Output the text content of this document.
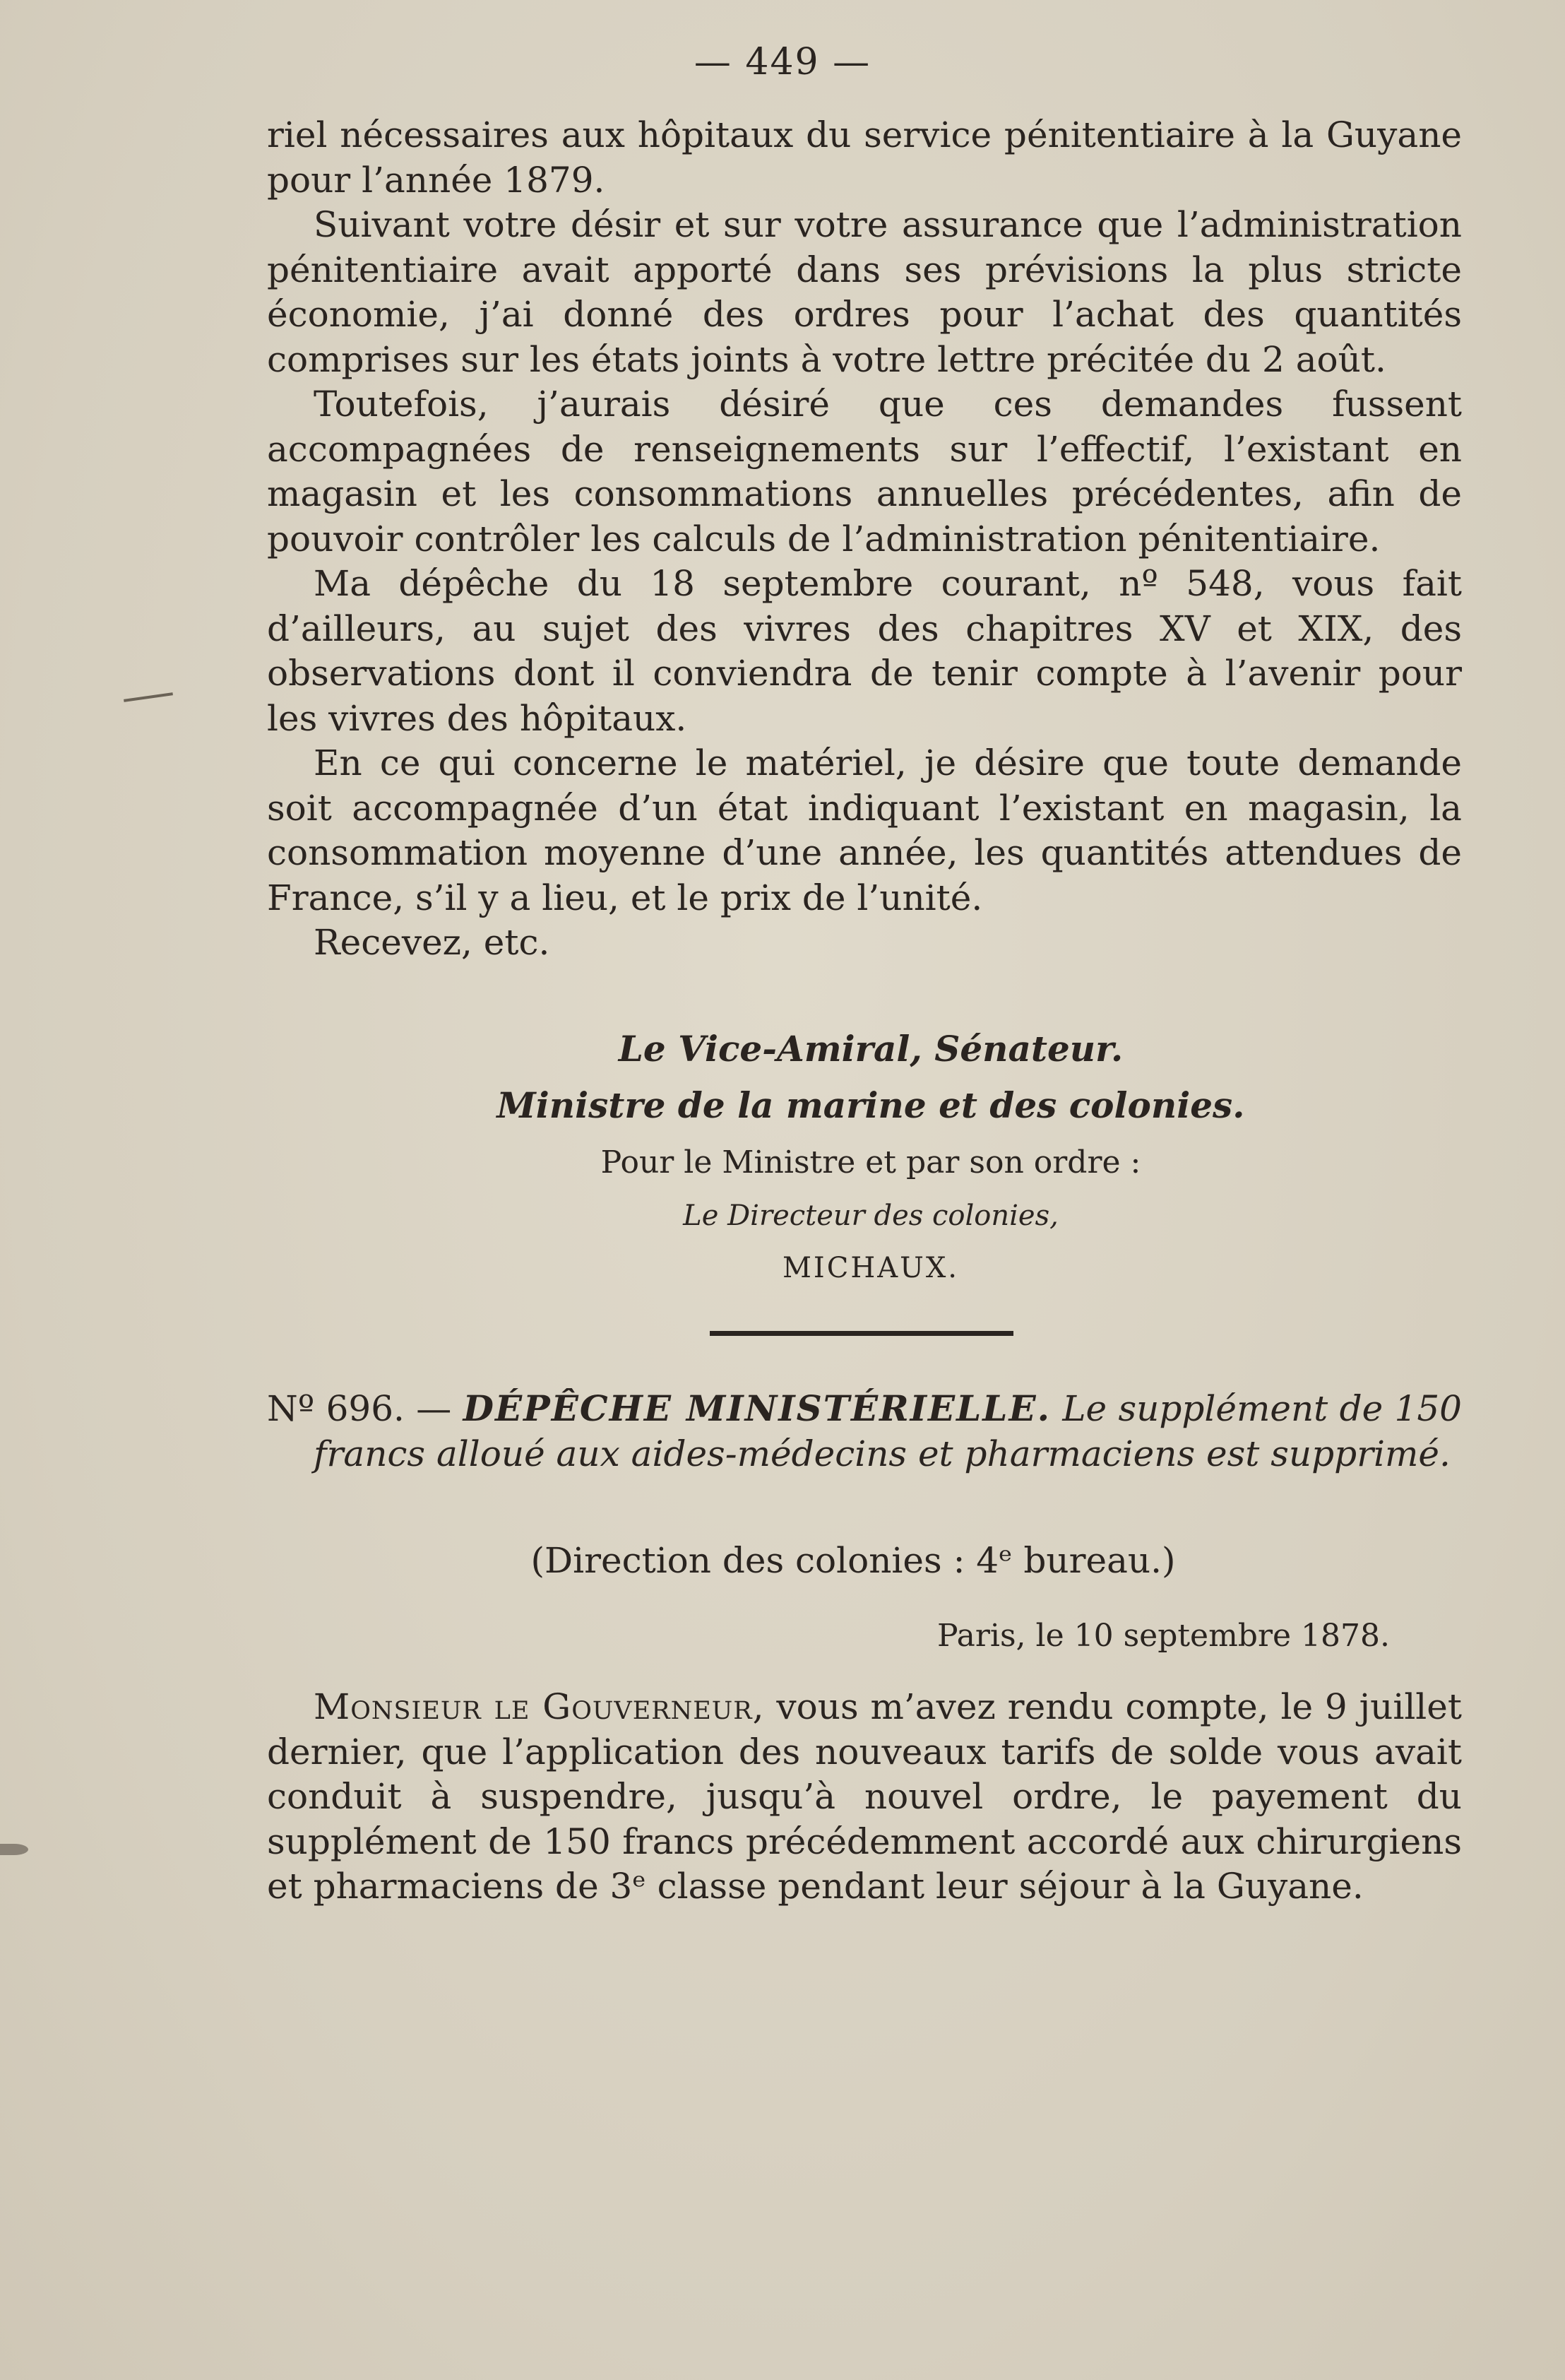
— 449 —

riel nécessaires aux hôpitaux du service pénitentiaire à la Guyane pour l’année 1879.

Suivant votre désir et sur votre assurance que l’administration pénitentiaire avait apporté dans ses prévisions la plus stricte économie, j’ai donné des ordres pour l’achat des quantités comprises sur les états joints à votre lettre précitée du 2 août.

Toutefois, j’aurais désiré que ces demandes fussent accompagnées de renseignements sur l’effectif, l’existant en magasin et les consommations annuelles précédentes, afin de pouvoir contrôler les calculs de l’administration pénitentiaire.

Ma dépêche du 18 septembre courant, nº 548, vous fait d’ailleurs, au sujet des vivres des chapitres XV et XIX, des observations dont il conviendra de tenir compte à l’avenir pour les vivres des hôpitaux.

En ce qui concerne le matériel, je désire que toute demande soit accompagnée d’un état indiquant l’existant en magasin, la consommation moyenne d’une année, les quantités attendues de France, s’il y a lieu, et le prix de l’unité.

Recevez, etc.

Le Vice-Amiral, Sénateur.
Ministre de la marine et des colonies.
Pour le Ministre et par son ordre :
Le Directeur des colonies,
MICHAUX.
Nº 696. — DÉPÊCHE MINISTÉRIELLE. Le supplément de 150 francs alloué aux aides-médecins et pharmaciens est supprimé.
(Direction des colonies : 4ᵉ bureau.)
Paris, le 10 septembre 1878.

Monsieur le Gouverneur, vous m’avez rendu compte, le 9 juillet dernier, que l’application des nouveaux tarifs de solde vous avait conduit à suspendre, jusqu’à nouvel ordre, le payement du supplément de 150 francs précédemment accordé aux chirurgiens et pharmaciens de 3ᵉ classe pendant leur séjour à la Guyane.
